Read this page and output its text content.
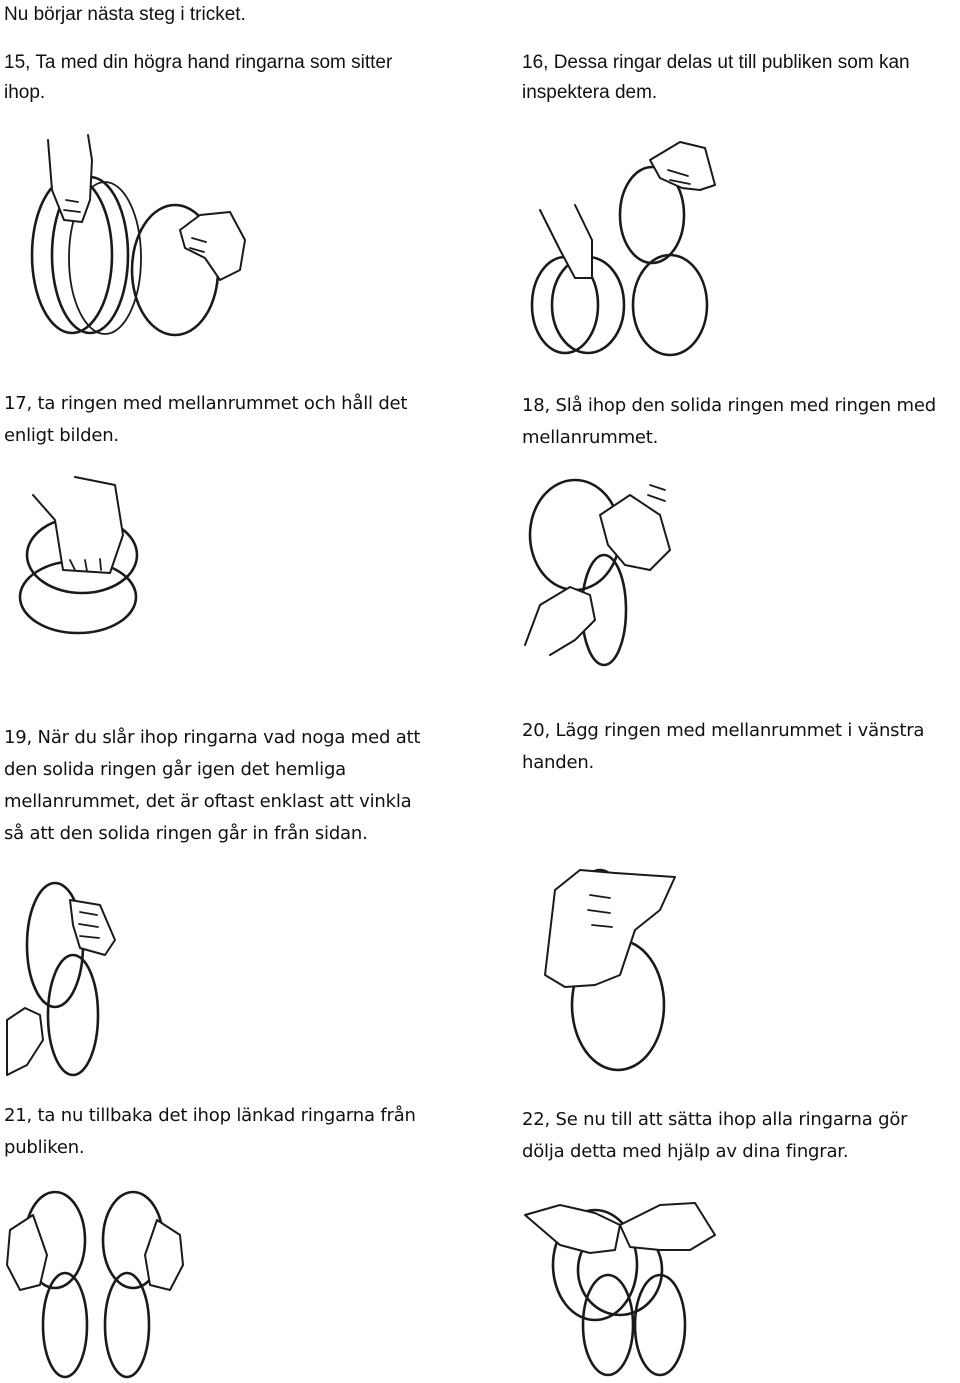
Nu börjar nästa steg i tricket.

15, Ta med din högra hand ringarna som sitter
ihop.

16, Dessa ringar delas ut till publiken som kan
inspektera dem.

17, ta ringen med mellanrummet och håll det
enligt bilden.

18, Slå ihop den solida ringen med ringen med
mellanrummet.

19, När du slår ihop ringarna vad noga med att
den solida ringen går igen det hemliga
mellanrummet, det är oftast enklast att vinkla
så att den solida ringen går in från sidan.

20, Lägg ringen med mellanrummet i vänstra
handen.

21, ta nu tillbaka det ihop länkad ringarna från
publiken.

22, Se nu till att sätta ihop alla ringarna gör
dölja detta med hjälp av dina fingrar.
